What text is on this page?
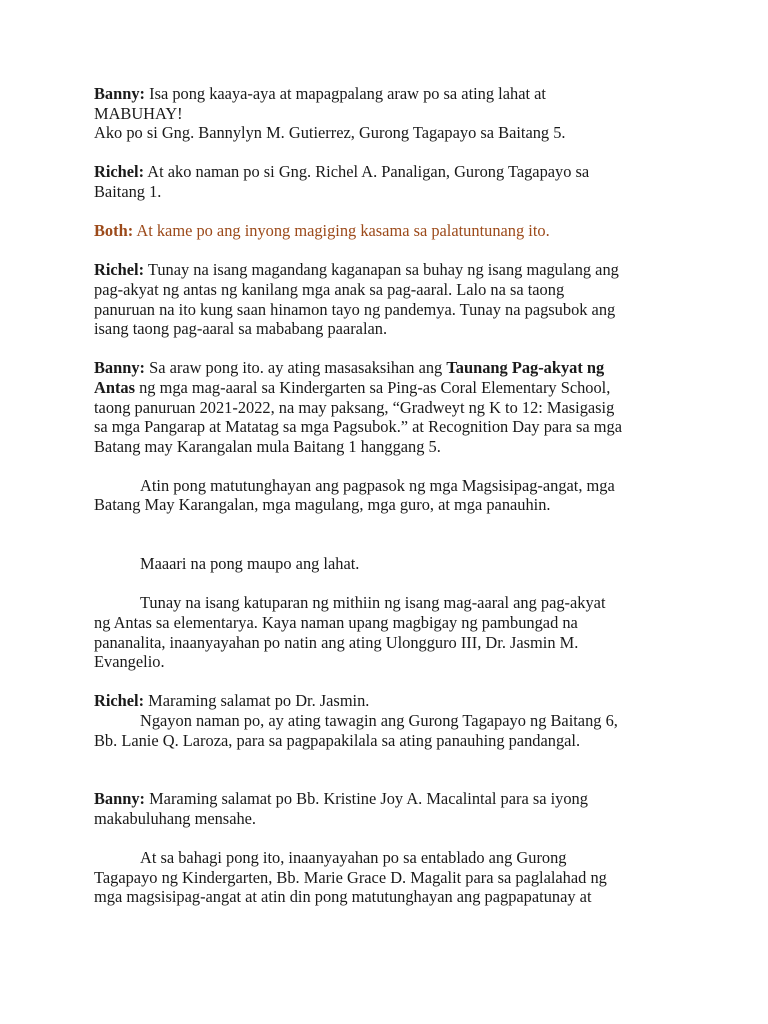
Banny: Isa pong kaaya-aya at mapagpalang araw po sa ating lahat at
MABUHAY!
Ako po si Gng. Bannylyn M. Gutierrez, Gurong Tagapayo sa Baitang 5.
Richel: At ako naman po si Gng. Richel A. Panaligan, Gurong Tagapayo sa
Baitang 1.
Both: At kame po ang inyong magiging kasama sa palatuntunang ito.
Richel: Tunay na isang magandang kaganapan sa buhay ng isang magulang ang
pag-akyat ng antas ng kanilang mga anak sa pag-aaral. Lalo na sa taong
panuruan na ito kung saan hinamon tayo ng pandemya. Tunay na pagsubok ang
isang taong pag-aaral sa mababang paaralan.
Banny: Sa araw pong ito. ay ating masasaksihan ang Taunang Pag-akyat ng
Antas ng mga mag-aaral sa Kindergarten sa Ping-as Coral Elementary School,
taong panuruan 2021-2022, na may paksang, “Gradweyt ng K to 12: Masigasig
sa mga Pangarap at Matatag sa mga Pagsubok.” at Recognition Day para sa mga
Batang may Karangalan mula Baitang 1 hanggang 5.
Atin pong matutunghayan ang pagpasok ng mga Magsisipag-angat, mga
Batang May Karangalan, mga magulang, mga guro, at mga panauhin.
Maaari na pong maupo ang lahat.
Tunay na isang katuparan ng mithiin ng isang mag-aaral ang pag-akyat
ng Antas sa elementarya. Kaya naman upang magbigay ng pambungad na
pananalita, inaanyayahan po natin ang ating Ulongguro III, Dr. Jasmin M.
Evangelio.
Richel: Maraming salamat po Dr. Jasmin.
Ngayon naman po, ay ating tawagin ang Gurong Tagapayo ng Baitang 6,
Bb. Lanie Q. Laroza, para sa pagpapakilala sa ating panauhing pandangal.
Banny: Maraming salamat po Bb. Kristine Joy A. Macalintal para sa iyong
makabuluhang mensahe.
At sa bahagi pong ito, inaanyayahan po sa entablado ang Gurong
Tagapayo ng Kindergarten, Bb. Marie Grace D. Magalit para sa paglalahad ng
mga magsisipag-angat at atin din pong matutunghayan ang pagpapatunay at
